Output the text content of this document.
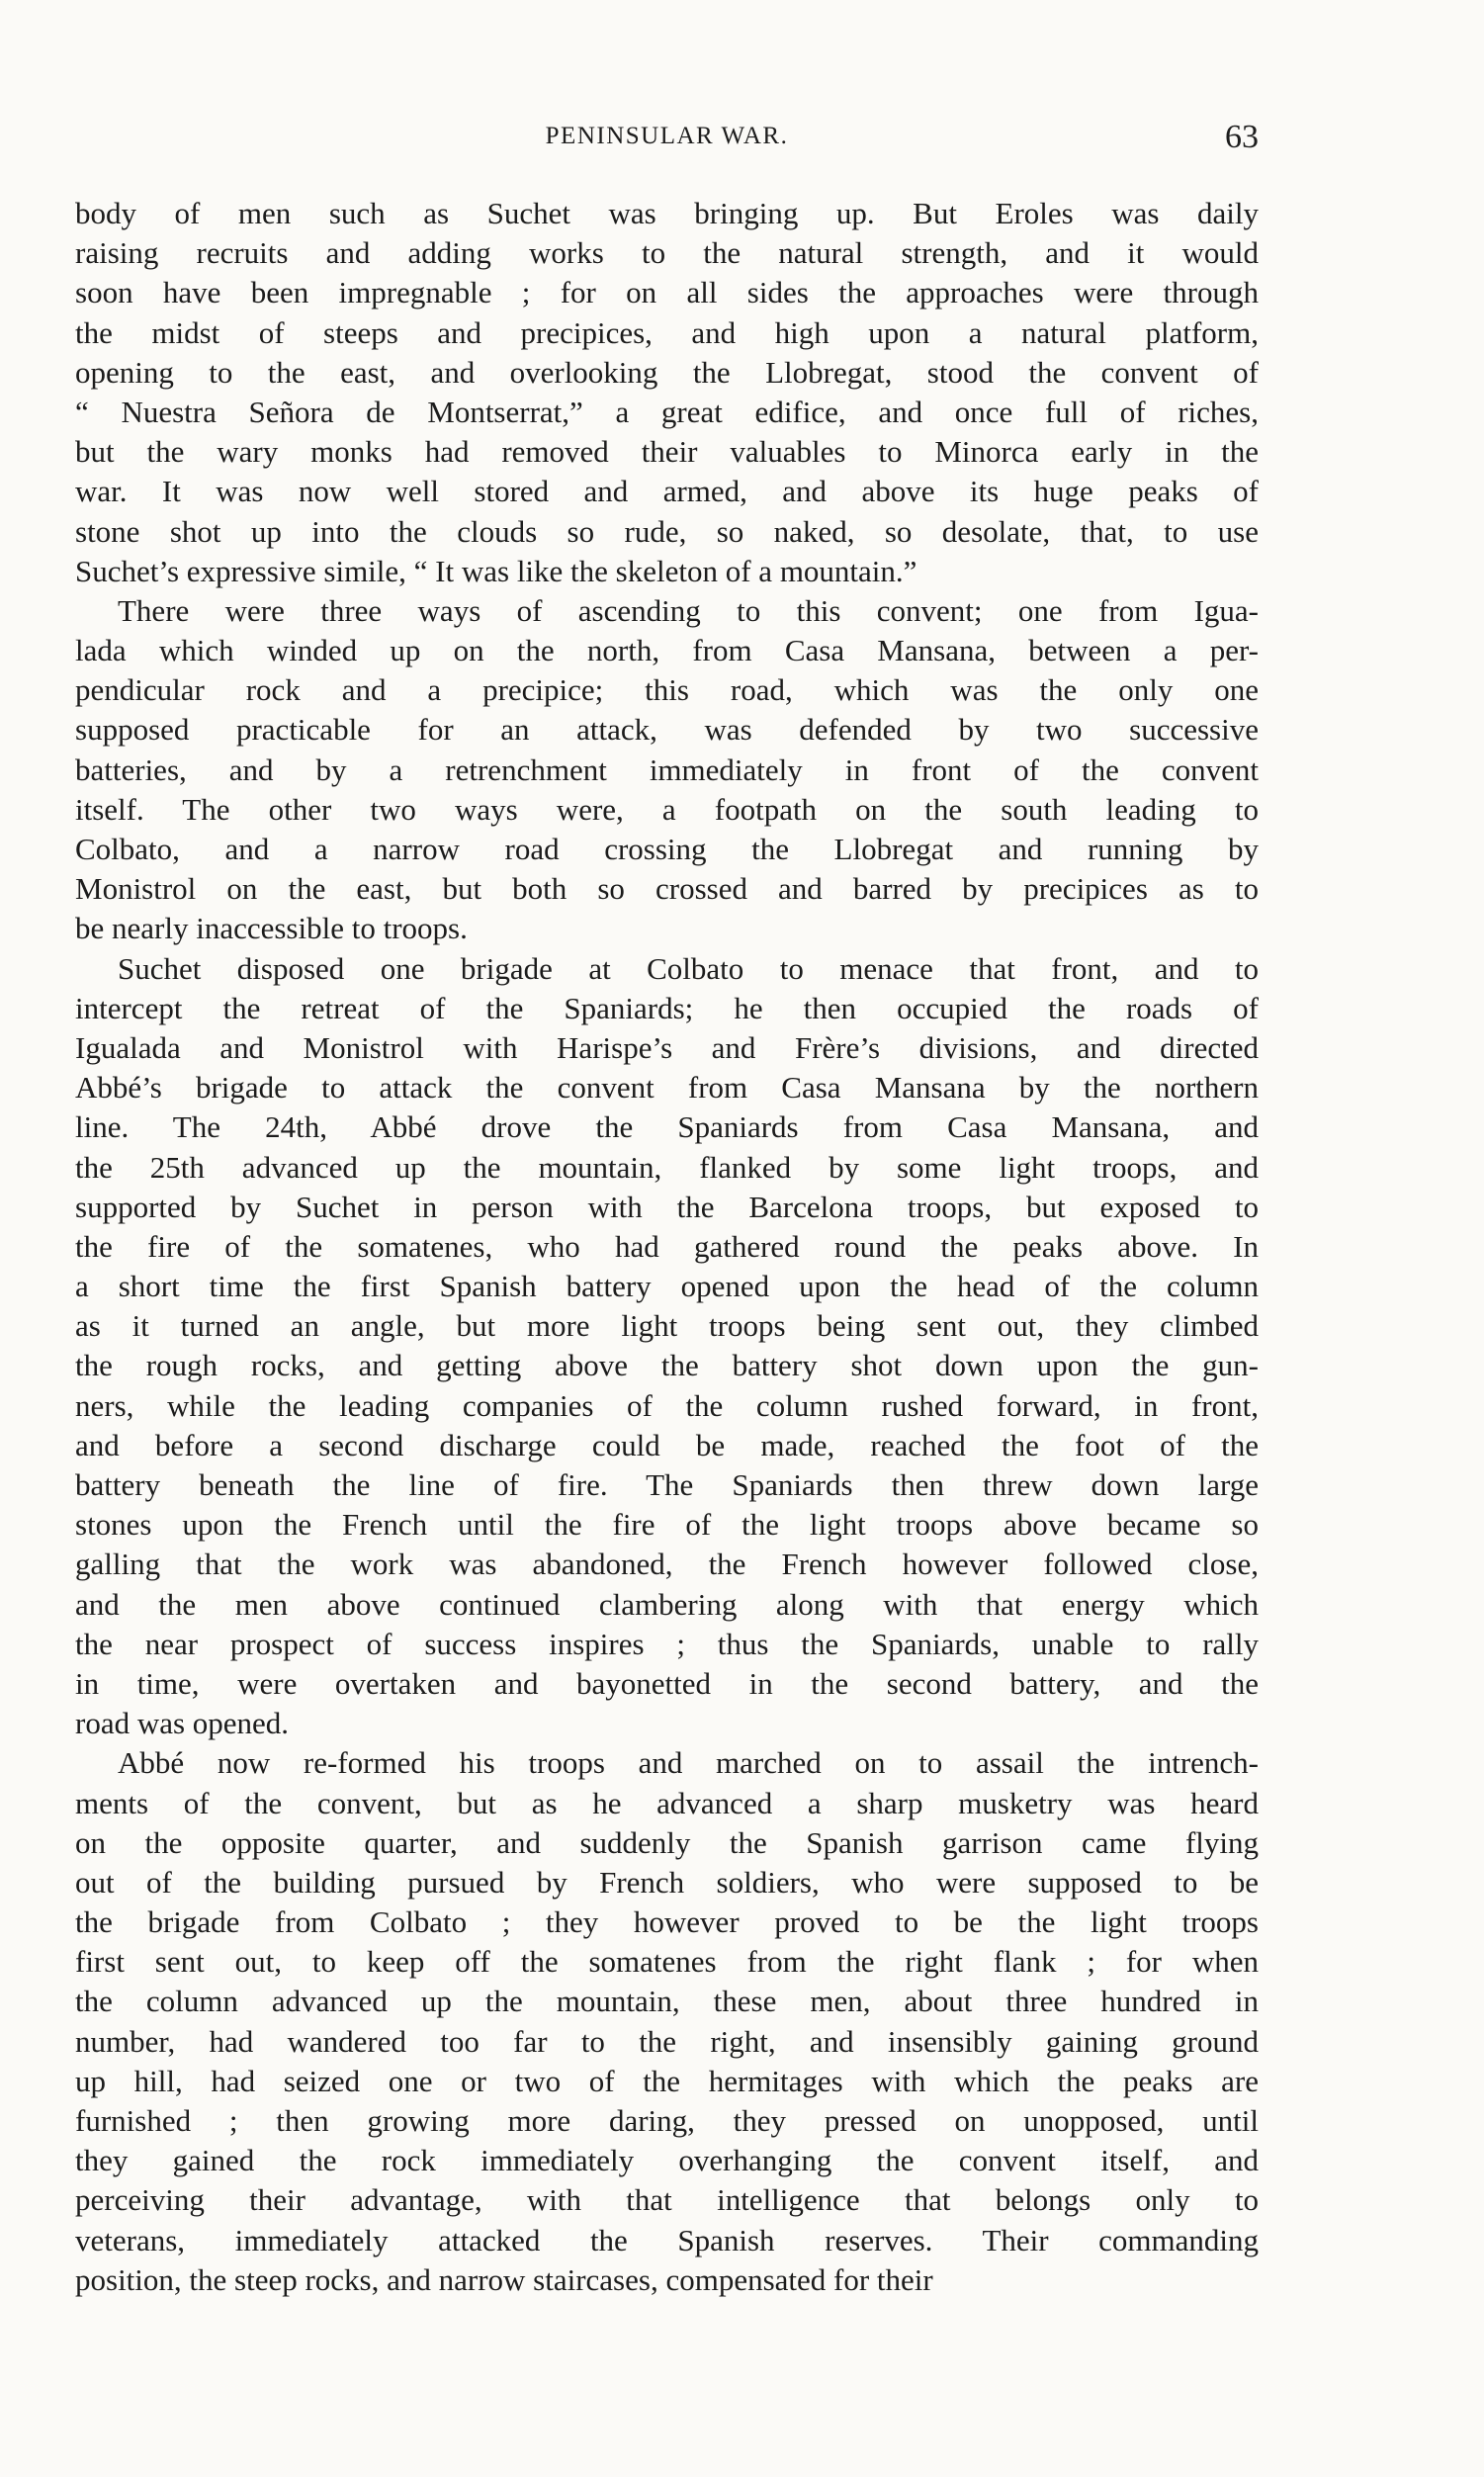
PENINSULAR WAR.	63
body of men such as Suchet was bringing up. But Eroles was daily
raising recruits and adding works to the natural strength, and it would
soon have been impregnable ; for on all sides the approaches were through
the midst of steeps and precipices, and high upon a natural platform,
opening to the east, and overlooking the Llobregat, stood the convent of
“ Nuestra Señora de Montserrat,” a great edifice, and once full of riches,
but the wary monks had removed their valuables to Minorca early in the
war. It was now well stored and armed, and above its huge peaks of
stone shot up into the clouds so rude, so naked, so desolate, that, to use
Suchet’s expressive simile, “ It was like the skeleton of a mountain.”
There were three ways of ascending to this convent; one from Igua-
lada which winded up on the north, from Casa Mansana, between a per-
pendicular rock and a precipice; this road, which was the only one
supposed practicable for an attack, was defended by two successive
batteries, and by a retrenchment immediately in front of the convent
itself. The other two ways were, a footpath on the south leading to
Colbato, and a narrow road crossing the Llobregat and running by
Monistrol on the east, but both so crossed and barred by precipices as to
be nearly inaccessible to troops.
Suchet disposed one brigade at Colbato to menace that front, and to
intercept the retreat of the Spaniards; he then occupied the roads of
Igualada and Monistrol with Harispe’s and Frère’s divisions, and directed
Abbé’s brigade to attack the convent from Casa Mansana by the northern
line. The 24th, Abbé drove the Spaniards from Casa Mansana, and
the 25th advanced up the mountain, flanked by some light troops, and
supported by Suchet in person with the Barcelona troops, but exposed to
the fire of the somatenes, who had gathered round the peaks above. In
a short time the first Spanish battery opened upon the head of the column
as it turned an angle, but more light troops being sent out, they climbed
the rough rocks, and getting above the battery shot down upon the gun-
ners, while the leading companies of the column rushed forward, in front,
and before a second discharge could be made, reached the foot of the
battery beneath the line of fire. The Spaniards then threw down large
stones upon the French until the fire of the light troops above became so
galling that the work was abandoned, the French however followed close,
and the men above continued clambering along with that energy which
the near prospect of success inspires ; thus the Spaniards, unable to rally
in time, were overtaken and bayonetted in the second battery, and the
road was opened.
Abbé now re-formed his troops and marched on to assail the intrench-
ments of the convent, but as he advanced a sharp musketry was heard
on the opposite quarter, and suddenly the Spanish garrison came flying
out of the building pursued by French soldiers, who were supposed to be
the brigade from Colbato ; they however proved to be the light troops
first sent out, to keep off the somatenes from the right flank ; for when
the column advanced up the mountain, these men, about three hundred in
number, had wandered too far to the right, and insensibly gaining ground
up hill, had seized one or two of the hermitages with which the peaks are
furnished ; then growing more daring, they pressed on unopposed, until
they gained the rock immediately overhanging the convent itself, and
perceiving their advantage, with that intelligence that belongs only to
veterans, immediately attacked the Spanish reserves. Their commanding
position, the steep rocks, and narrow staircases, compensated for their
